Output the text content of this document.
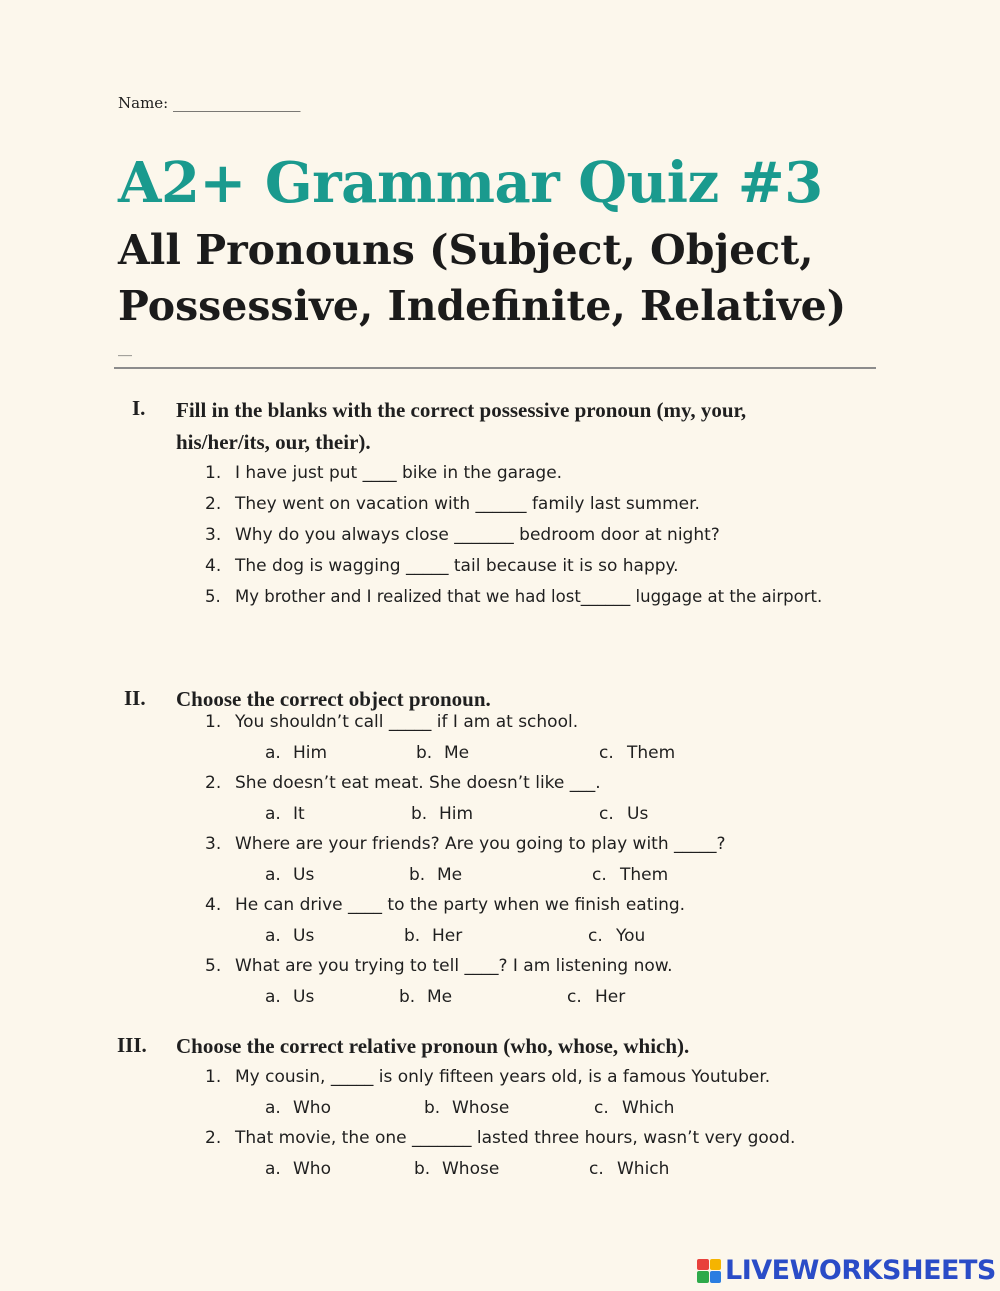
Name: _________________
A2+ Grammar Quiz #3
All Pronouns (Subject, Object, Possessive, Indefinite, Relative)
__
I. Fill in the blanks with the correct possessive pronoun (my, your, his/her/its, our, their).
1. I have just put ____ bike in the garage.
2. They went on vacation with ______ family last summer.
3. Why do you always close _______ bedroom door at night?
4. The dog is wagging _____ tail because it is so happy.
5. My brother and I realized that we had lost______ luggage at the airport.
II. Choose the correct object pronoun.
1. You shouldn’t call _____ if I am at school.
a. Him	b. Me	c. Them
2. She doesn’t eat meat. She doesn’t like ___.
a. It	b. Him	c. Us
3. Where are your friends? Are you going to play with _____?
a. Us	b. Me	c. Them
4. He can drive ____ to the party when we finish eating.
a. Us	b. Her	c. You
5. What are you trying to tell ____? I am listening now.
a. Us	b. Me	c. Her
III. Choose the correct relative pronoun (who, whose, which).
1. My cousin, _____ is only fifteen years old, is a famous Youtuber.
a. Who	b. Whose	c. Which
2. That movie, the one _______ lasted three hours, wasn’t very good.
a. Who	b. Whose	c. Which
LIVEWORKSHEETS
